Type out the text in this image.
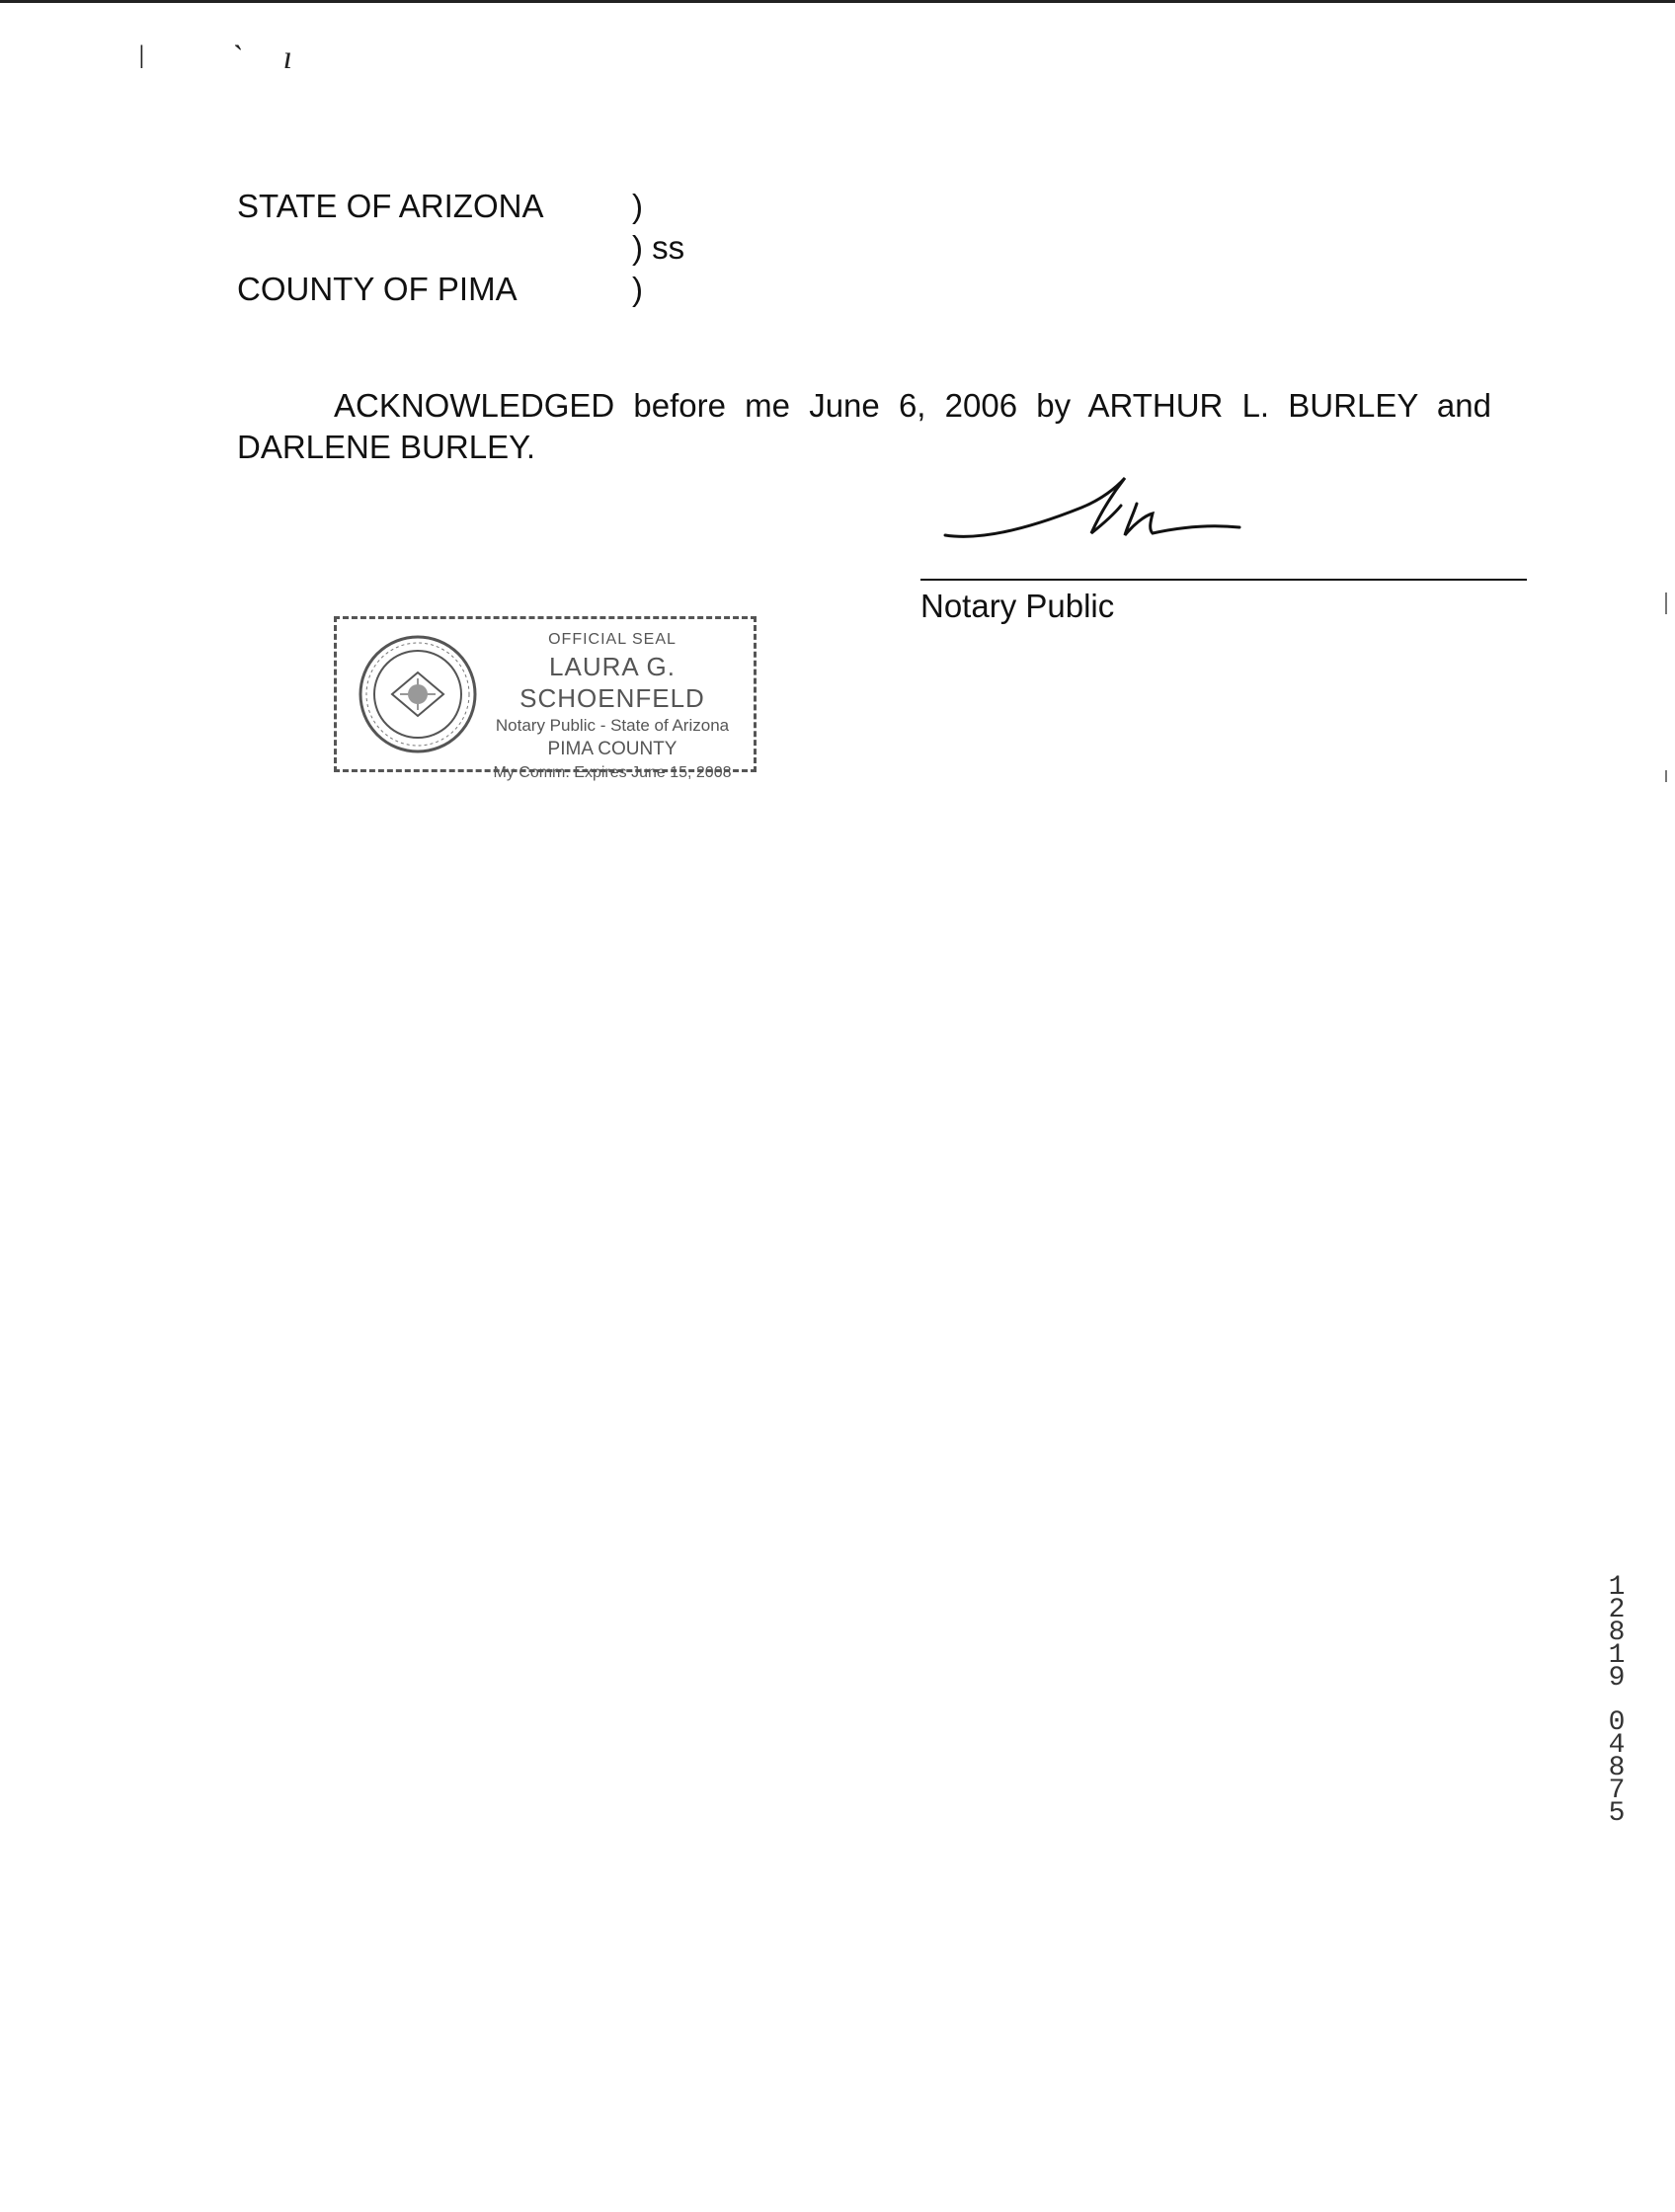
ǀ ˋı
STATE OF ARIZONA	)
) ss
COUNTY OF PIMA	)
ACKNOWLEDGED before me June 6, 2006 by ARTHUR L. BURLEY and DARLENE BURLEY.
Notary Public
OFFICIAL SEAL
LAURA G. SCHOENFELD
Notary Public - State of Arizona
PIMA COUNTY
My Comm. Expires June 15, 2008
12819
04875
